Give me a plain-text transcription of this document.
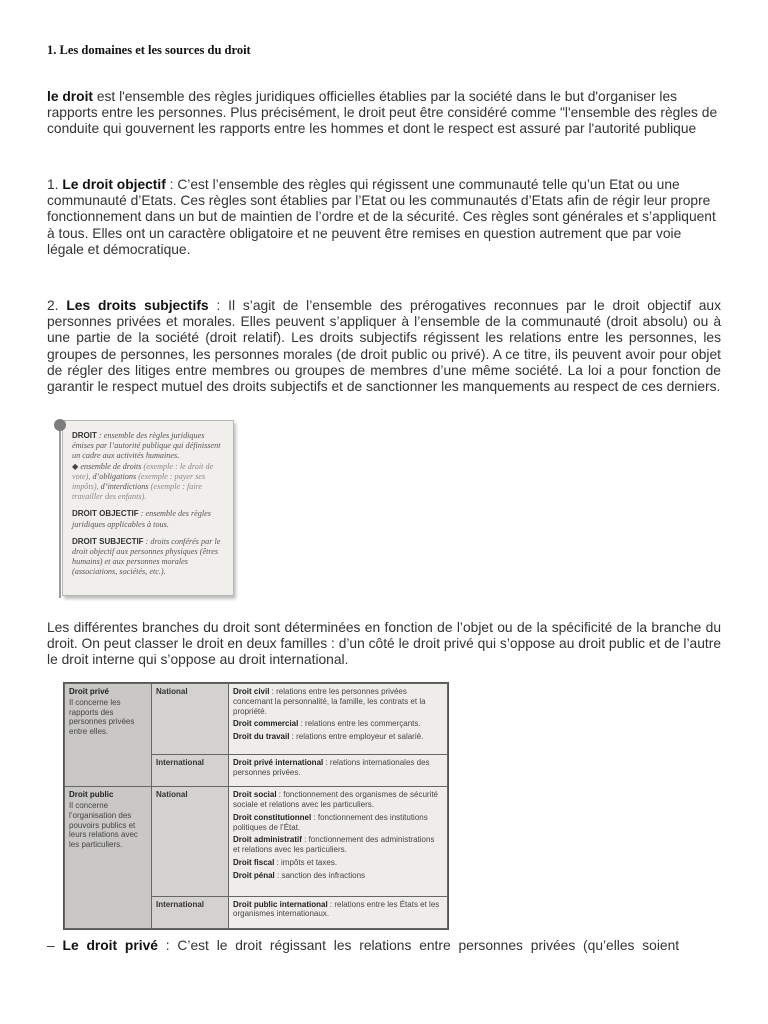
1. Les domaines et les sources du droit
le droit est l'ensemble des règles juridiques officielles établies par la société dans le but d'organiser les rapports entre les personnes. Plus précisément, le droit peut être considéré comme "l'ensemble des règles de conduite qui gouvernent les rapports entre les hommes et dont le respect est assuré par l'autorité publique
1. Le droit objectif : C’est l’ensemble des règles qui régissent une communauté telle qu’un Etat ou une communauté d’Etats. Ces règles sont établies par l’Etat ou les communautés d’Etats afin de régir leur propre fonctionnement dans un but de maintien de l’ordre et de la sécurité. Ces règles sont générales et s’appliquent à tous. Elles ont un caractère obligatoire et ne peuvent être remises en question autrement que par voie légale et démocratique.
2. Les droits subjectifs : Il s’agit de l’ensemble des prérogatives reconnues par le droit objectif aux personnes privées et morales. Elles peuvent s’appliquer à l’ensemble de la communauté (droit absolu) ou à une partie de la société (droit relatif). Les droits subjectifs régissent les relations entre les personnes, les groupes de personnes, les personnes morales (de droit public ou privé). A ce titre, ils peuvent avoir pour objet de régler des litiges entre membres ou groupes de membres d’une même société. La loi a pour fonction de garantir le respect mutuel des droits subjectifs et de sanctionner les manquements au respect de ces derniers.
DROIT : ensemble des règles juridiques émises par l’autorité publique qui définissent un cadre aux activités humaines.
◆ ensemble de droits (exemple : le droit de vote), d’obligations (exemple : payer ses impôts), d’interdictions (exemple : faire travailler des enfants).
DROIT OBJECTIF : ensemble des règles juridiques applicables à tous.
DROIT SUBJECTIF : droits conférés par le droit objectif aux personnes physiques (êtres humains) et aux personnes morales (associations, sociétés, etc.).
Les différentes branches du droit sont déterminées en fonction de l’objet ou de la spécificité de la branche du droit. On peut classer le droit en deux familles : d’un côté le droit privé qui s’oppose au droit public et de l’autre le droit interne qui s’oppose au droit international.
Droit privé
Il concerne les rapports des personnes privées entre elles.	National	Droit civil : relations entre les personnes privées concernant la personnalité, la famille, les contrats et la propriété.
Droit commercial : relations entre les commerçants.
Droit du travail : relations entre employeur et salarié.

	International	Droit privé international : relations internationales des personnes privées.

Droit public
Il concerne l’organisation des pouvoirs publics et leurs relations avec les particuliers.	National	Droit social : fonctionnement des organismes de sécurité sociale et relations avec les particuliers.
Droit constitutionnel : fonctionnement des institutions politiques de l’État.
Droit administratif : fonctionnement des administrations et relations avec les particuliers.
Droit fiscal : impôts et taxes.
Droit pénal : sanction des infractions

	International	Droit public international : relations entre les États et les organismes internationaux.
– Le droit privé : C’est le droit régissant les relations entre personnes privées (qu’elles soient
